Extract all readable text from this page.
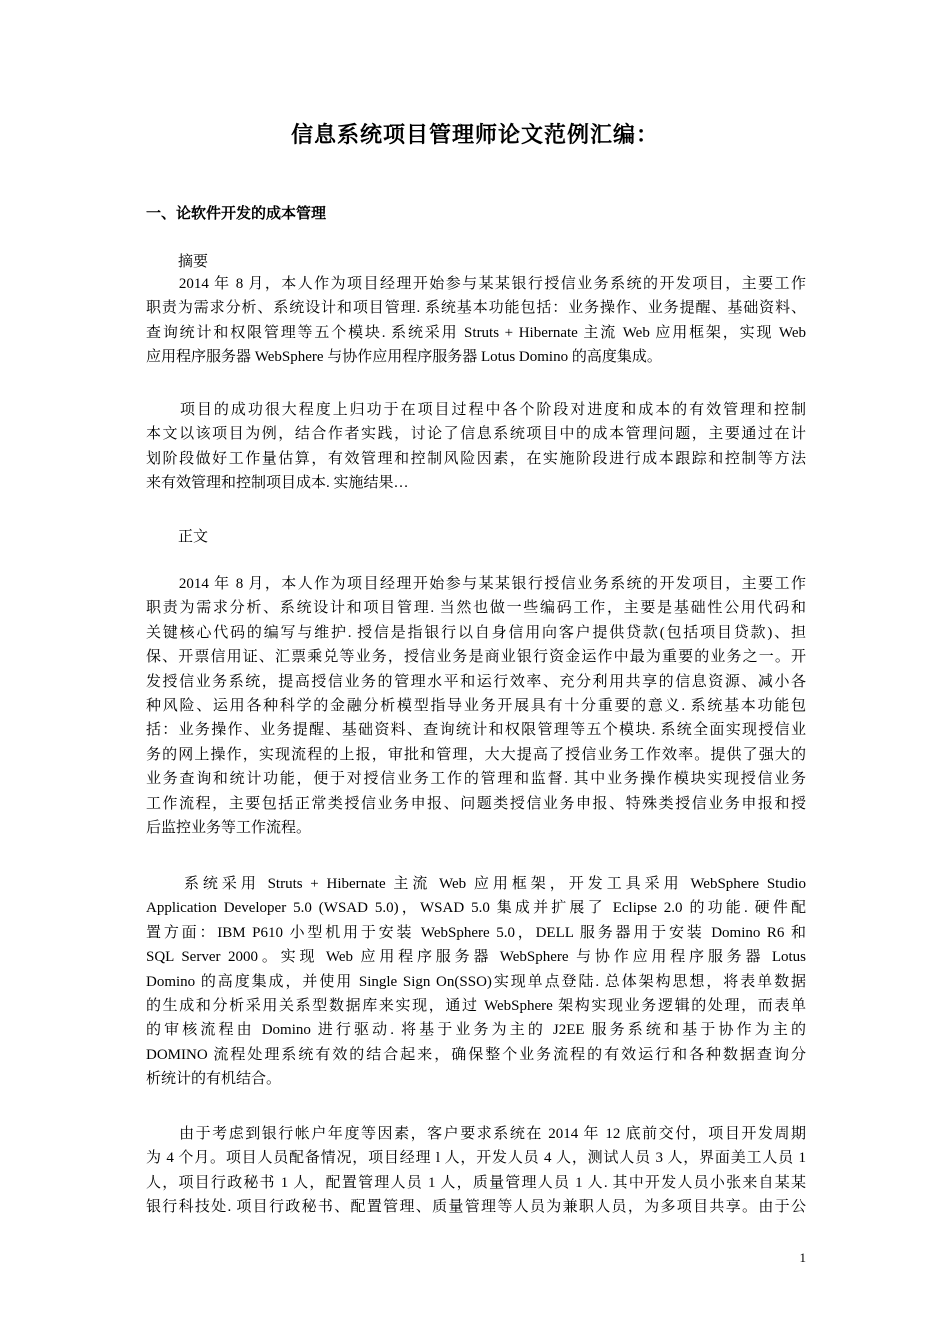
信息系统项目管理师论文范例汇编：
一、论软件开发的成本管理
摘要
　　2014 年 8 月，本人作为项目经理开始参与某某银行授信业务系统的开发项目，主要工作
职责为需求分析、系统设计和项目管理. 系统基本功能包括：业务操作、业务提醒、基础资料、
查询统计和权限管理等五个模块. 系统采用 Struts + Hibernate 主流 Web 应用框架，实现 Web
应用程序服务器 WebSphere 与协作应用程序服务器 Lotus Domino 的高度集成。
　　项目的成功很大程度上归功于在项目过程中各个阶段对进度和成本的有效管理和控制
本文以该项目为例，结合作者实践，讨论了信息系统项目中的成本管理问题，主要通过在计
划阶段做好工作量估算，有效管理和控制风险因素，在实施阶段进行成本跟踪和控制等方法
来有效管理和控制项目成本. 实施结果…
正文
　　2014 年 8 月，本人作为项目经理开始参与某某银行授信业务系统的开发项目，主要工作
职责为需求分析、系统设计和项目管理. 当然也做一些编码工作，主要是基础性公用代码和
关键核心代码的编写与维护. 授信是指银行以自身信用向客户提供贷款(包括项目贷款)、担
保、开票信用证、汇票乘兑等业务，授信业务是商业银行资金运作中最为重要的业务之一。开
发授信业务系统，提高授信业务的管理水平和运行效率、充分利用共享的信息资源、减小各
种风险、运用各种科学的金融分析模型指导业务开展具有十分重要的意义. 系统基本功能包
括：业务操作、业务提醒、基础资料、查询统计和权限管理等五个模块. 系统全面实现授信业
务的网上操作，实现流程的上报，审批和管理，大大提高了授信业务工作效率。提供了强大的
业务查询和统计功能，便于对授信业务工作的管理和监督. 其中业务操作模块实现授信业务
工作流程，主要包括正常类授信业务申报、问题类授信业务申报、特殊类授信业务申报和授
后监控业务等工作流程。
　　系统采用 Struts + Hibernate 主流 Web 应用框架，开发工具采用 WebSphere Studio
Application Developer 5.0 (WSAD 5.0)，WSAD 5.0 集成并扩展了 Eclipse 2.0 的功能. 硬件配
置方面：IBM P610 小型机用于安装 WebSphere 5.0，DELL 服务器用于安装 Domino R6 和
SQL Server 2000。实现 Web 应用程序服务器 WebSphere 与协作应用程序服务器 Lotus
Domino 的高度集成，并使用 Single Sign On(SSO)实现单点登陆. 总体架构思想，将表单数据
的生成和分析采用关系型数据库来实现，通过 WebSphere 架构实现业务逻辑的处理，而表单
的审核流程由 Domino 进行驱动. 将基于业务为主的 J2EE 服务系统和基于协作为主的
DOMINO 流程处理系统有效的结合起来，确保整个业务流程的有效运行和各种数据查询分
析统计的有机结合。
　　由于考虑到银行帐户年度等因素，客户要求系统在 2014 年 12 底前交付，项目开发周期
为 4 个月。项目人员配备情况，项目经理 l 人，开发人员 4 人，测试人员 3 人，界面美工人员 1
人，项目行政秘书 1 人，配置管理人员 1 人，质量管理人员 1 人. 其中开发人员小张来自某某
银行科技处. 项目行政秘书、配置管理、质量管理等人员为兼职人员，为多项目共享。由于公
1
